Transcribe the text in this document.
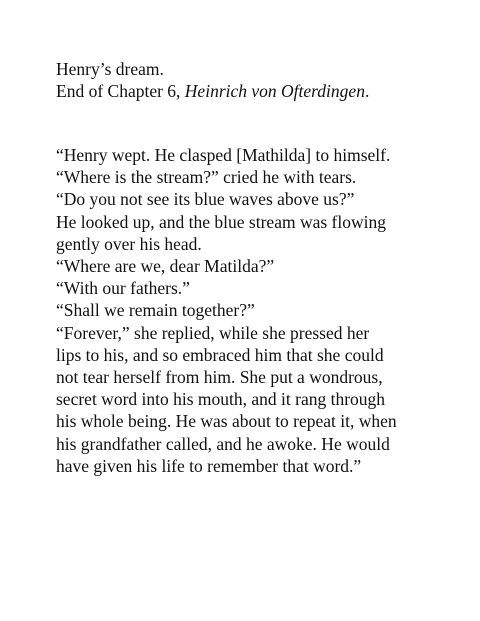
Henry’s dream.
End of Chapter 6, Heinrich von Ofterdingen.
“Henry wept. He clasped [Mathilda] to himself.
“Where is the stream?” cried he with tears.
“Do you not see its blue waves above us?”
He looked up, and the blue stream was flowing
gently over his head.
“Where are we, dear Matilda?”
“With our fathers.”
“Shall we remain together?”
“Forever,” she replied, while she pressed her
lips to his, and so embraced him that she could
not tear herself from him. She put a wondrous,
secret word into his mouth, and it rang through
his whole being. He was about to repeat it, when
his grandfather called, and he awoke. He would
have given his life to remember that word.”
